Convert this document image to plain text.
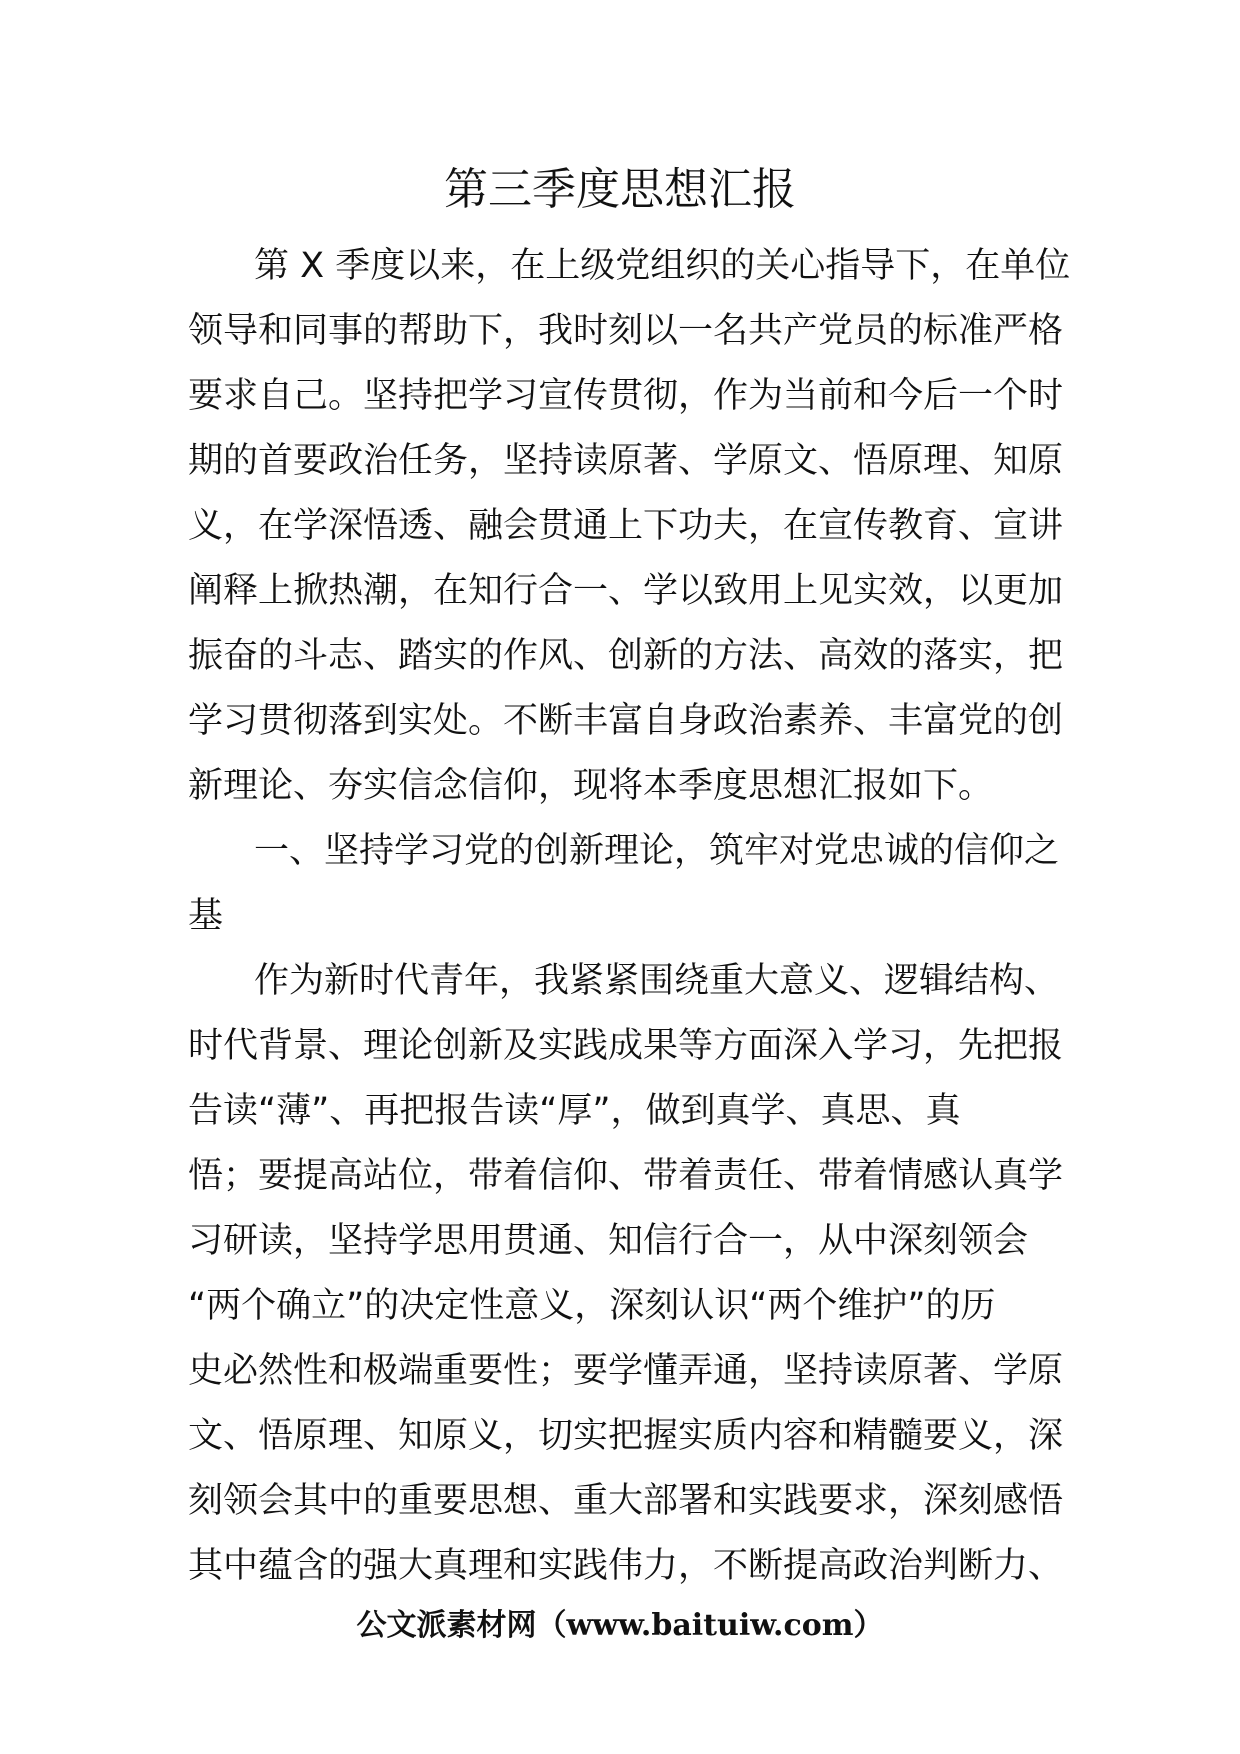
第三季度思想汇报
第 X 季度以来，在上级党组织的关心指导下，在单位
领导和同事的帮助下，我时刻以一名共产党员的标准严格
要求自己。坚持把学习宣传贯彻，作为当前和今后一个时
期的首要政治任务，坚持读原著、学原文、悟原理、知原
义，在学深悟透、融会贯通上下功夫，在宣传教育、宣讲
阐释上掀热潮，在知行合一、学以致用上见实效，以更加
振奋的斗志、踏实的作风、创新的方法、高效的落实，把
学习贯彻落到实处。不断丰富自身政治素养、丰富党的创
新理论、夯实信念信仰，现将本季度思想汇报如下。
一、坚持学习党的创新理论，筑牢对党忠诚的信仰之
基
作为新时代青年，我紧紧围绕重大意义、逻辑结构、
时代背景、理论创新及实践成果等方面深入学习，先把报
告读“薄”、再把报告读“厚”，做到真学、真思、真
悟；要提高站位，带着信仰、带着责任、带着情感认真学
习研读，坚持学思用贯通、知信行合一，从中深刻领会
“两个确立”的决定性意义，深刻认识“两个维护”的历
史必然性和极端重要性；要学懂弄通，坚持读原著、学原
文、悟原理、知原义，切实把握实质内容和精髓要义，深
刻领会其中的重要思想、重大部署和实践要求，深刻感悟
其中蕴含的强大真理和实践伟力，不断提高政治判断力、
公文派素材网（www.baituiw.com）
